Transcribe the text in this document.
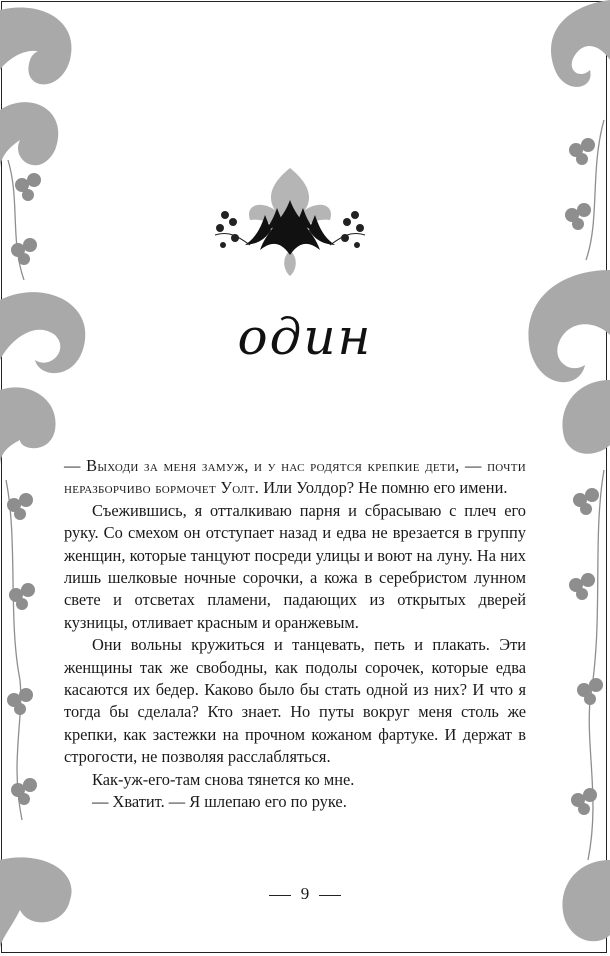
один

— Выходи за меня замуж, и у нас родятся крепкие дети, — почти неразборчиво бормочет Уолт. Или Уолдор? Не помню его имени.

Съежившись, я отталкиваю парня и сбрасываю с плеч его руку. Со смехом он отступает назад и едва не врезается в группу женщин, которые танцуют посреди улицы и воют на луну. На них лишь шелковые ночные сорочки, а кожа в серебристом лунном свете и отсветах пламени, падающих из открытых дверей кузницы, отливает красным и оранжевым.

Они вольны кружиться и танцевать, петь и плакать. Эти женщины так же свободны, как подолы сорочек, которые едва касаются их бедер. Каково было бы стать одной из них? И что я тогда бы сделала? Кто знает. Но путы вокруг меня столь же крепки, как застежки на прочном кожаном фартуке. И держат в строгости, не позволяя расслабляться.

Как-уж-его-там снова тянется ко мне.

— Хватит. — Я шлепаю его по руке.

9
